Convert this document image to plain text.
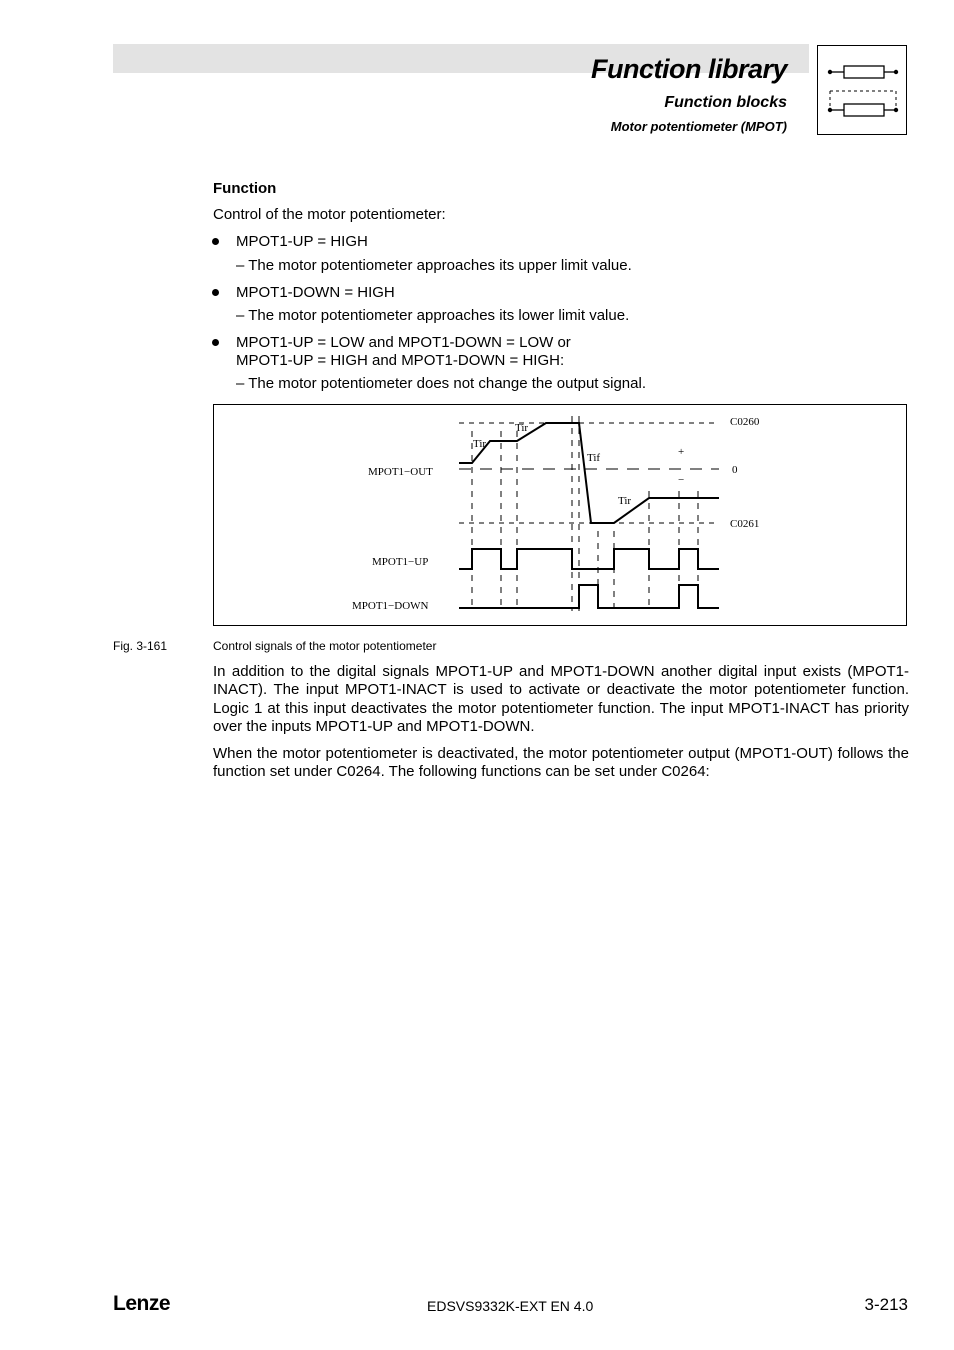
Function library
Function blocks
Motor potentiometer (MPOT)
Function
Control of the motor potentiometer:
MPOT1-UP = HIGH
– The motor potentiometer approaches its upper limit value.
MPOT1-DOWN = HIGH
– The motor potentiometer approaches its lower limit value.
MPOT1-UP = LOW and MPOT1-DOWN = LOW or
MPOT1-UP = HIGH and MPOT1-DOWN = HIGH:
– The motor potentiometer does not change the output signal.
MPOT1−OUT
MPOT1−UP
MPOT1−DOWN
C0260
0
C0261
Tir
Tir
Tif
Tir
+
−
Fig. 3-161	Control signals of the motor potentiometer
In addition to the digital signals MPOT1-UP and MPOT1-DOWN another digital input exists (MPOT1-INACT). The input MPOT1-INACT is used to activate or deactivate the motor potentiometer function. Logic 1 at this input deactivates the motor potentiometer function. The input MPOT1-INACT has priority over the inputs MPOT1-UP and MPOT1-DOWN.
When the motor potentiometer is deactivated, the motor potentiometer output (MPOT1-OUT) follows the function set under C0264. The following functions can be set under C0264:
Lenze	EDSVS9332K-EXT EN 4.0	3-213
